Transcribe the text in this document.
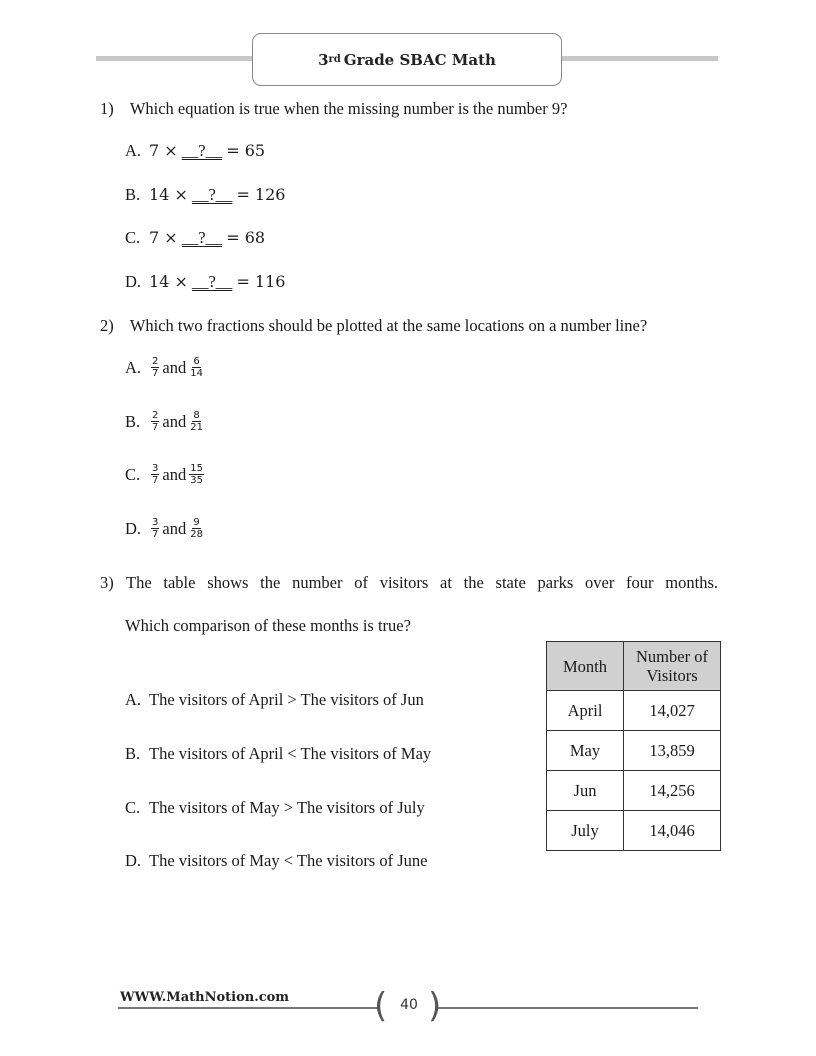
3 rd Grade SBAC Math
1) Which equation is true when the missing number is the number 9?
A. 7 × __?__ = 65
B. 14 × __?__ = 126
C. 7 × __?__ = 68
D. 14 × __?__ = 116
2) Which two fractions should be plotted at the same locations on a number line?
A. $\frac{2}{7}$ and $\frac{6}{14}$
B.	$\frac{2}{7}$ and $\frac{8}{21}$
C.	$\frac{3}{7}$ and $\frac{15}{35}$
D. $\frac{3}{7}$ and $\frac{9}{28}$
3) The table shows the number of visitors at the state parks over four months.
Which comparison of these months is true?
A. The visitors of April > The visitors of Jun
B. The visitors of April < The visitors of May
C. The visitors of May > The visitors of July
D. The visitors of May < The visitors of June
Month	Number of Visitors
April	14,027
May	13,859
Jun	14,256
July	14,046
WWW.MathNotion.com ( )
40
